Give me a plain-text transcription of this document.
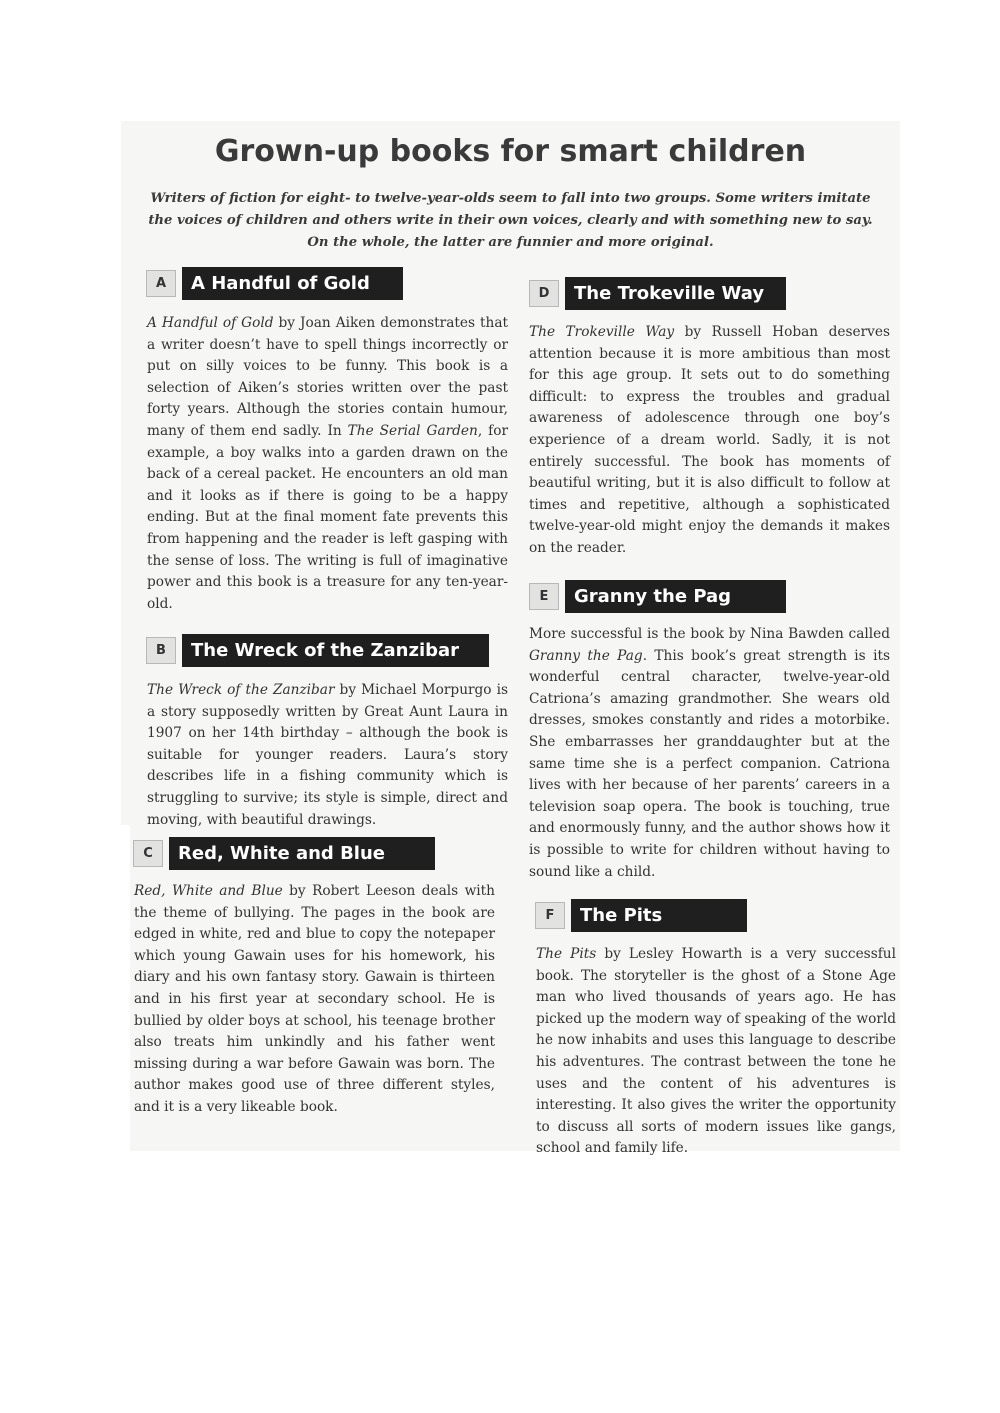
Grown-up books for smart children
Writers of fiction for eight- to twelve-year-olds seem to fall into two groups. Some writers imitate
the voices of children and others write in their own voices, clearly and with something new to say.
On the whole, the latter are funnier and more original.
A	A Handful of Gold

A Handful of Gold by Joan Aiken demonstrates that a writer doesn’t have to spell things incorrectly or put on silly voices to be funny. This book is a selection of Aiken’s stories written over the past forty years. Although the stories contain humour, many of them end sadly. In The Serial Garden, for example, a boy walks into a garden drawn on the back of a cereal packet. He encounters an old man and it looks as if there is going to be a happy ending. But at the final moment fate prevents this from happening and the reader is left gasping with the sense of loss. The writing is full of imaginative power and this book is a treasure for any ten-year-old.

B	The Wreck of the Zanzibar

The Wreck of the Zanzibar by Michael Morpurgo is a story supposedly written by Great Aunt Laura in 1907 on her 14th birthday – although the book is suitable for younger readers. Laura’s story describes life in a fishing community which is struggling to survive; its style is simple, direct and moving, with beautiful drawings.

C	Red, White and Blue

Red, White and Blue by Robert Leeson deals with the theme of bullying. The pages in the book are edged in white, red and blue to copy the notepaper which young Gawain uses for his homework, his diary and his own fantasy story. Gawain is thirteen and in his first year at secondary school. He is bullied by older boys at school, his teenage brother also treats him unkindly and his father went missing during a war before Gawain was born. The author makes good use of three different styles, and it is a very likeable book.

D	The Trokeville Way

The Trokeville Way by Russell Hoban deserves attention because it is more ambitious than most for this age group. It sets out to do something difficult: to express the troubles and gradual awareness of adolescence through one boy’s experience of a dream world. Sadly, it is not entirely successful. The book has moments of beautiful writing, but it is also difficult to follow at times and repetitive, although a sophisticated twelve-year-old might enjoy the demands it makes on the reader.

E	Granny the Pag

More successful is the book by Nina Bawden called Granny the Pag. This book’s great strength is its wonderful central character, twelve-year-old Catriona’s amazing grandmother. She wears old dresses, smokes constantly and rides a motorbike. She embarrasses her granddaughter but at the same time she is a perfect companion. Catriona lives with her because of her parents’ careers in a television soap opera. The book is touching, true and enormously funny, and the author shows how it is possible to write for children without having to sound like a child.

F	The Pits

The Pits by Lesley Howarth is a very successful book. The storyteller is the ghost of a Stone Age man who lived thousands of years ago. He has picked up the modern way of speaking of the world he now inhabits and uses this language to describe his adventures. The contrast between the tone he uses and the content of his adventures is interesting. It also gives the writer the opportunity to discuss all sorts of modern issues like gangs, school and family life.
